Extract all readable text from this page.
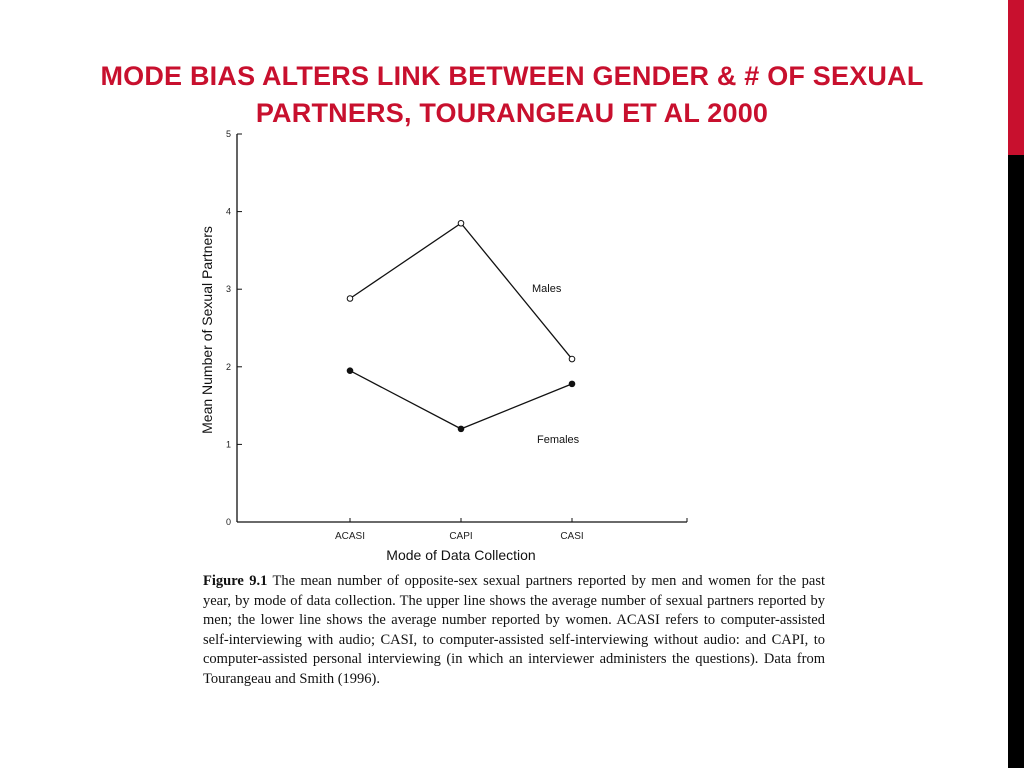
MODE BIAS ALTERS LINK BETWEEN GENDER & # OF SEXUAL PARTNERS, TOURANGEAU ET AL 2000
0
1
2
3
4
5
ACASI	CAPI	CASI
Mode of Data Collection
Mean Number of Sexual Partners	Males
Females

Figure 9.1 The mean number of opposite-sex sexual partners reported by men and women for the past year, by mode of data collection. The upper line shows the average number of sexual partners reported by men; the lower line shows the average number reported by women. ACASI refers to computer-assisted self-interviewing with audio; CASI, to computer-assisted self-interviewing without audio: and CAPI, to computer-assisted personal interviewing (in which an interviewer administers the questions). Data from Tourangeau and Smith (1996).
